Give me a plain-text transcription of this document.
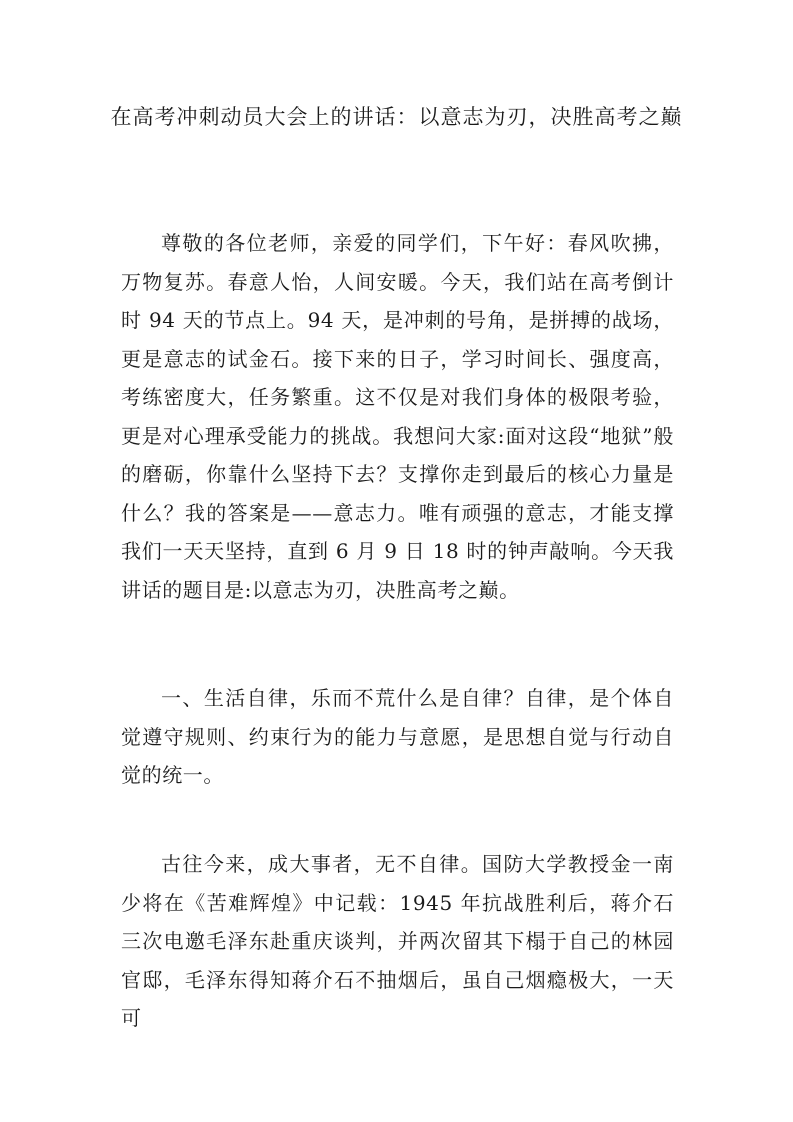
在高考冲刺动员大会上的讲话：以意志为刃，决胜高考之巅

尊敬的各位老师，亲爱的同学们，下午好：春风吹拂，万物复苏。春意人怡，人间安暖。今天，我们站在高考倒计时 94 天的节点上。94 天，是冲刺的号角，是拼搏的战场，更是意志的试金石。接下来的日子，学习时间长、强度高，考练密度大，任务繁重。这不仅是对我们身体的极限考验，更是对心理承受能力的挑战。我想问大家:面对这段“地狱”般的磨砺，你靠什么坚持下去？支撑你走到最后的核心力量是什么？我的答案是——意志力。唯有顽强的意志，才能支撑我们一天天坚持，直到 6 月 9 日 18 时的钟声敲响。今天我讲话的题目是:以意志为刃，决胜高考之巅。

一、生活自律，乐而不荒什么是自律？自律，是个体自觉遵守规则、约束行为的能力与意愿，是思想自觉与行动自觉的统一。

古往今来，成大事者，无不自律。国防大学教授金一南少将在《苦难辉煌》中记载：1945 年抗战胜利后，蒋介石三次电邀毛泽东赴重庆谈判，并两次留其下榻于自己的林园官邸，毛泽东得知蒋介石不抽烟后，虽自己烟瘾极大，一天可
